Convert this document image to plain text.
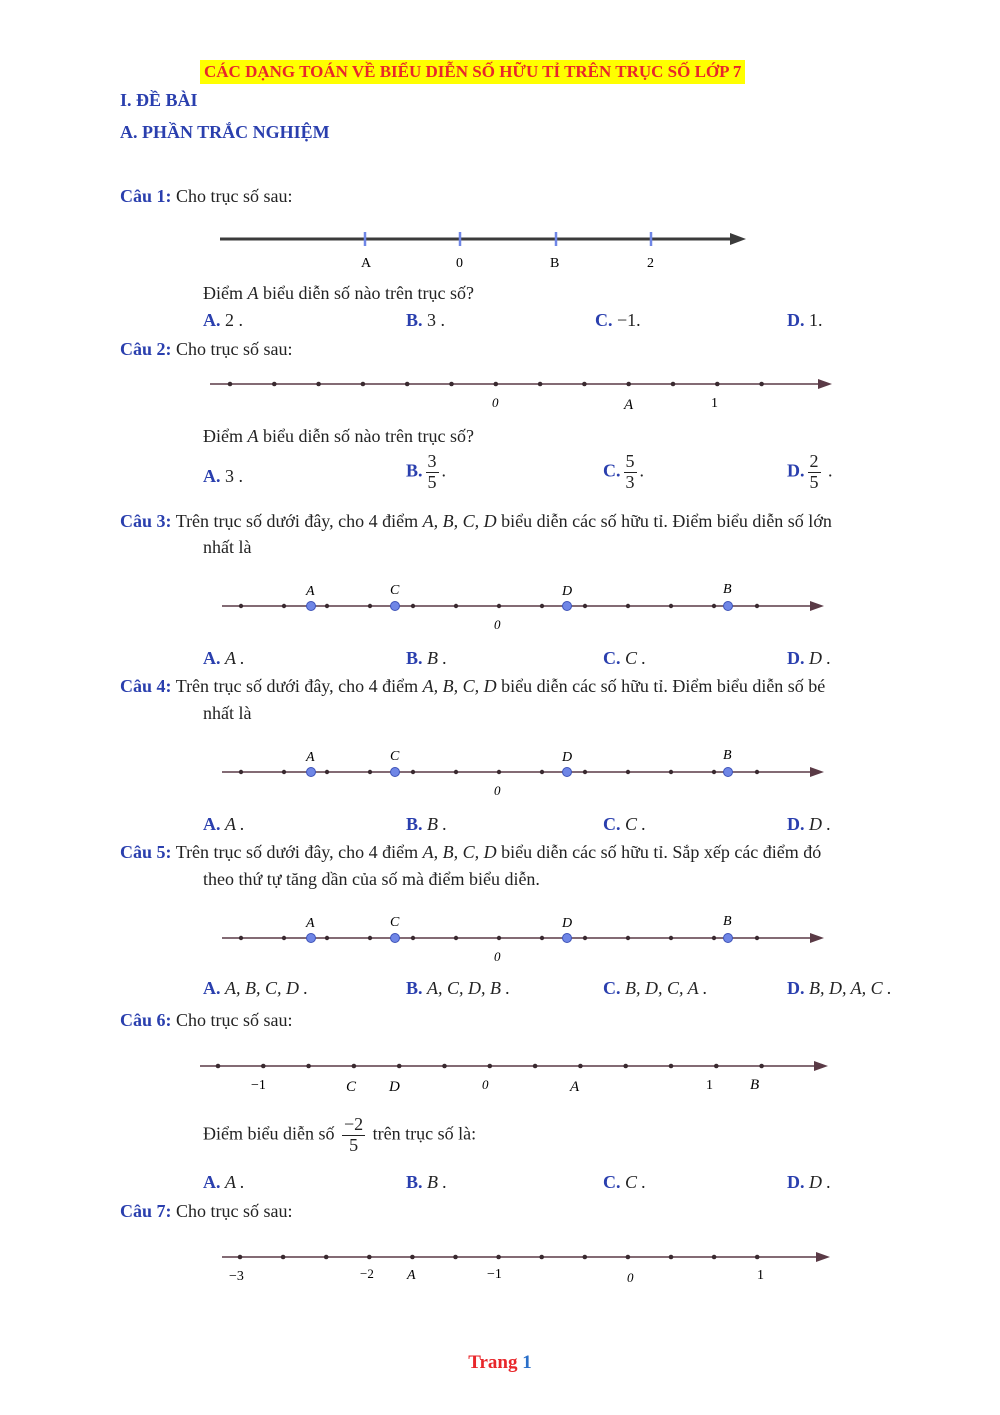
CÁC DẠNG TOÁN VỀ BIỂU DIỄN SỐ HỮU TỈ TRÊN TRỤC SỐ LỚP 7
I. ĐỀ BÀI
A. PHẦN TRẮC NGHIỆM
Câu 1: Cho trục số sau:
A	0	B	2
Điểm A biểu diễn số nào trên trục số?
A. 2 .	B. 3 .	C. −1.	D. 1.
Câu 2: Cho trục số sau:
0	A	1
Điểm A biểu diễn số nào trên trục số?
A. 3 .	B. $\frac{3}{5}$ .	C. $\frac{5}{3}$ .	D. $\frac{2}{5}$ .
Câu 3: Trên trục số dưới đây, cho 4 điểm A, B, C, D biểu diễn các số hữu tỉ. Điểm biểu diễn số lớn
nhất là
A	C	D	B
0
A. A .	B. B .	C. C .	D. D .
Câu 4: Trên trục số dưới đây, cho 4 điểm A, B, C, D biểu diễn các số hữu tỉ. Điểm biểu diễn số bé
nhất là
A	C	D	B
0
A. A .	B. B .	C. C .	D. D .
Câu 5: Trên trục số dưới đây, cho 4 điểm A, B, C, D biểu diễn các số hữu tỉ. Sắp xếp các điểm đó
theo thứ tự tăng dần của số mà điểm biểu diễn.
A	C	D	B
0
A. A, B, C, D .	B. A, C, D, B .	C. B, D, C, A .	D. B, D, A, C .
Câu 6: Cho trục số sau:
−1	C D	0	A	1 B
Điểm biểu diễn số $\frac{-2}{5}$ trên trục số là:
A. A .	B. B .	C. C .	D. D .
Câu 7: Cho trục số sau:
−3	−2 A	−1	0	1
Trang 1
